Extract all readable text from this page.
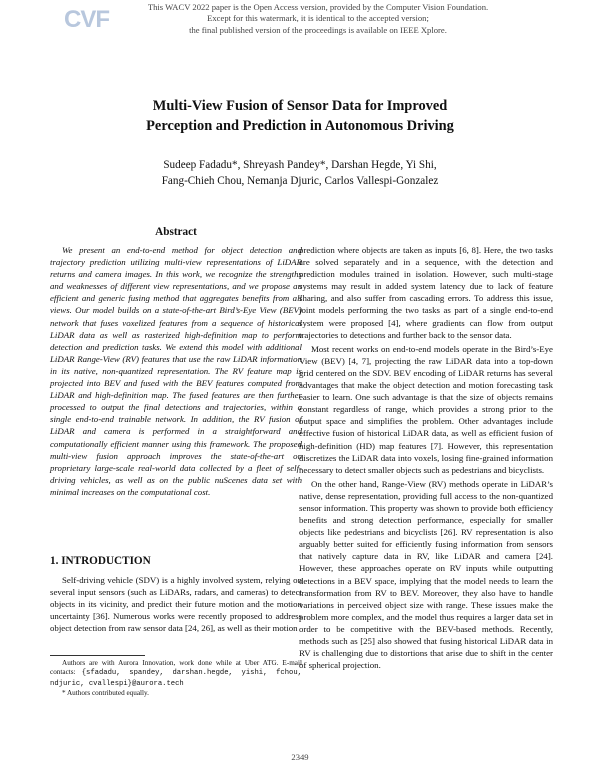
CVF	This WACV 2022 paper is the Open Access version, provided by the Computer Vision Foundation.
Except for this watermark, it is identical to the accepted version;
the final published version of the proceedings is available on IEEE Xplore.
Multi-View Fusion of Sensor Data for Improved
Perception and Prediction in Autonomous Driving
Sudeep Fadadu*, Shreyash Pandey*, Darshan Hegde, Yi Shi,
Fang-Chieh Chou, Nemanja Djuric, Carlos Vallespi-Gonzalez
Abstract

We present an end-to-end method for object detection and trajectory prediction utilizing multi-view representations of LiDAR returns and camera images. In this work, we recognize the strengths and weaknesses of different view representations, and we propose an efficient and generic fusing method that aggregates benefits from all views. Our model builds on a state-of-the-art Bird’s-Eye View (BEV) network that fuses voxelized features from a sequence of historical LiDAR data as well as rasterized high-definition map to perform detection and prediction tasks. We extend this model with additional LiDAR Range-View (RV) features that use the raw LiDAR information in its native, non-quantized representation. The RV feature map is projected into BEV and fused with the BEV features computed from LiDAR and high-definition map. The fused features are then further processed to output the final detections and trajectories, within a single end-to-end trainable network. In addition, the RV fusion of LiDAR and camera is performed in a straightforward and computationally efficient manner using this framework. The proposed multi-view fusion approach improves the state-of-the-art on proprietary large-scale real-world data collected by a fleet of self-driving vehicles, as well as on the public nuScenes data set with minimal increases on the computational cost.

1. INTRODUCTION

Self-driving vehicle (SDV) is a highly involved system, relying on several input sensors (such as LiDARs, radars, and cameras) to detect objects in its vicinity, and predict their future motion and the motion uncertainty [36]. Numerous works were recently proposed to address object detection from raw sensor data [24, 26], as well as their motion

Authors are with Aurora Innovation, work done while at Uber ATG. E-mail contacts: {sfadadu, spandey, darshan.hegde, yishi, fchou, ndjuric, cvallespi}@aurora.tech
* Authors contributed equally.

prediction where objects are taken as inputs [6, 8]. Here, the two tasks are solved separately and in a sequence, with the detection and prediction modules trained in isolation. However, such multi-stage systems may result in added system latency due to lack of feature sharing, and also suffer from cascading errors. To address this issue, joint models performing the two tasks as part of a single end-to-end system were proposed [4], where gradients can flow from output trajectories to detections and further back to the sensor data.

Most recent works on end-to-end models operate in the Bird’s-Eye View (BEV) [4, 7], projecting the raw LiDAR data into a top-down grid centered on the SDV. BEV encoding of LiDAR returns has several advantages that make the object detection and motion forecasting task easier to learn. One such advantage is that the size of objects remains constant regardless of range, which provides a strong prior to the output space and simplifies the problem. Other advantages include effective fusion of historical LiDAR data, as well as efficient fusion of high-definition (HD) map features [7]. However, this representation discretizes the LiDAR data into voxels, losing fine-grained information necessary to detect smaller objects such as pedestrians and bicyclists.

On the other hand, Range-View (RV) methods operate in LiDAR’s native, dense representation, providing full access to the non-quantized sensor information. This property was shown to provide both efficiency benefits and strong detection performance, especially for smaller objects like pedestrians and bicyclists [26]. RV representation is also arguably better suited for efficiently fusing information from sensors that natively capture data in RV, like LiDAR and camera [24]. However, these approaches operate on RV inputs while outputting detections in a BEV space, implying that the model needs to learn the transformation from RV to BEV. Moreover, they also have to handle variations in perceived object size with range. These issues make the problem more complex, and the model thus requires a larger data set in order to be competitive with the BEV-based methods. Recently, methods such as [25] also showed that fusing historical LiDAR data in RV is challenging due to distortions that arise due to shift in the center of spherical projection.

2349
